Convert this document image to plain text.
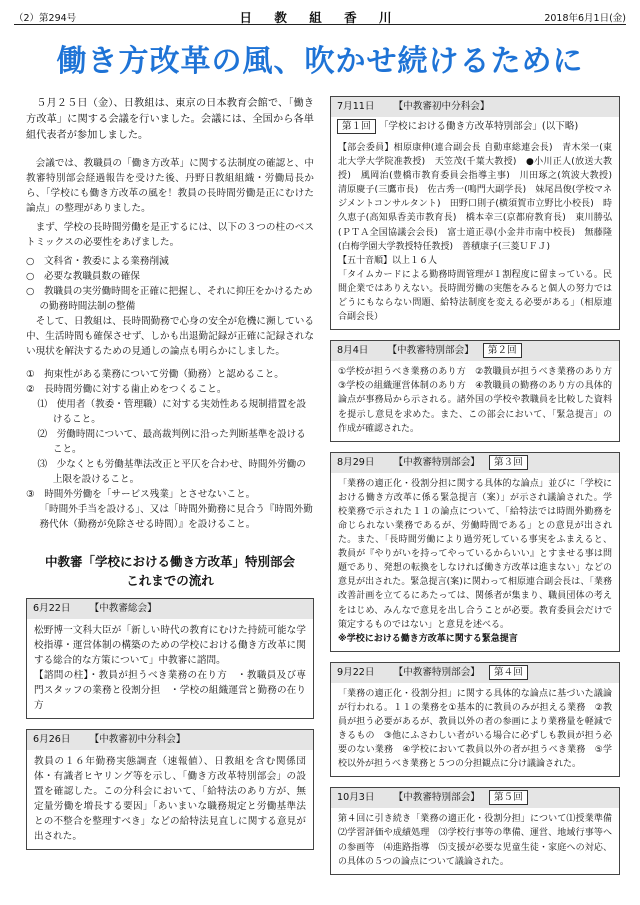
（2）第294号	日 教 組 香 川	2018年6月1日(金)
働き方改革の風、吹かせ続けるために

５月２５日（金）、日教組は、東京の日本教育会館で、「働き方改革」に関する会議を行いました。会議には、全国から各単組代表者が参加しました。

会議では、教職員の「働き方改革」に関する法制度の確認と、中教審特別部会経過報告を受けた後、丹野日教組組織・労働局長から、「学校にも働き方改革の風を！教員の長時間労働是正にむけた論点」の整理がありました。

まず、学校の長時間労働を是正するには、以下の３つの柱のベストミックスの必要性をあげました。

○　文科省・教委による業務削減
○　必要な教職員数の確保
○　教職員の実労働時間を正確に把握し、それに抑圧をかけるための勤務時間法制の整備

そして、日教組は、長時間勤務で心身の安全が危機に瀕している中、生活時間も確保させず、しかも出退勤記録が正確に記録されない現状を解決するための見通しの論点も明らかにしました。

①　拘束性がある業務について労働（勤務）と認めること。
②　長時間労働に対する歯止めをつくること。
⑴　使用者（教委・管理職）に対する実効性ある規制措置を設けること。
⑵　労働時間について、最高裁判例に沿った判断基準を設けること。
⑶　少なくとも労働基準法改正と平仄を合わせ、時間外労働の上限を設けること。
③　時間外労働を「サービス残業」とさせないこと。
「時間外手当を設ける」、又は「時間外勤務に見合う『時間外勤務代休（勤務が免除させる時間）』を設けること。
中教審「学校における働き方改革」特別部会
これまでの流れ
6月22日 【中教審総会】
松野博一文科大臣が「新しい時代の教育にむけた持続可能な学校指導・運営体制の構築のための学校における働き方改革に関する総合的な方策について」中教審に諮問。
【諮問の柱】・教員が担うべき業務の在り方　・教職員及び専門スタッフの業務と役割分担　・学校の組織運営と勤務の在り方
6月26日 【中教審初中分科会】
教員の１６年勤務実態調査（速報値）、日教組を含む関係団体・有識者ヒヤリング等を示し、「働き方改革特別部会」の設置を確認した。この分科会において、「給特法のあり方が、無定量労働を増長する要因」「あいまいな職務規定と労働基準法との不整合を整理すべき」などの給特法見直しに関する意見が出された。
7月11日 【中教審初中分科会】
第１回 「学校における働き方改革特別部会」(以下略)
【部会委員】相原康伸(連合副会長 自動車総連会長)　青木栄一(東北大学大学院准教授)　天笠茂(千葉大教授)　●小川正人(放送大教授)　風岡治(豊橋市教育委員会指導主事)　川田琢之(筑波大教授)　清原慶子(三鷹市長)　佐古秀一(鳴門大副学長)　妹尾昌俊(学校マネジメントコンサルタント)　田野口則子(横須賀市立野比小校長)　時久恵子(高知県香美市教育長)　橋本幸三(京都府教育長)　東川勝弘(ＰＴＡ全国協議会会長)　富士道正尋(小金井市南中校長)　無藤隆(白梅学園大学教授特任教授)　善積康子(三菱ＵＦＪ)
【五十音順】以上１６人
「タイムカードによる勤務時間管理が１割程度に留まっている。民間企業ではありえない。長時間労働の実態をみると個人の努力ではどうにもならない問題、給特法制度を変える必要がある」（相原連合副会長）
8月4日 【中教審特別部会】 第２回
①学校が担うべき業務のあり方　②教職員が担うべき業務のあり方　③学校の組織運営体制のあり方　④教職員の勤務のあり方の具体的論点が事務局から示される。諸外国の学校や教職員を比較した資料を提示し意見を求めた。また、この部会において、「緊急提言」の作成が確認された。
8月29日 【中教審特別部会】 第３回
「業務の適正化・役割分担に関する具体的な論点」並びに「学校における働き方改革に係る緊急提言（案）」が示され議論された。学校業務で示された１１の論点について、「給特法では時間外勤務を命じられない業務であるが、労働時間である」との意見が出された。また、「長時間労働により過労死している事実をふまえると、教員が『やりがいを持ってやっているからいい』とすませる事は問題であり、発想の転換をしなければ働き方改革は進まない」などの意見が出された。緊急提言(案)に関わって相原連合副会長は、「業務改善計画を立てるにあたっては、関係者が集まり、職員団体の考えをはじめ、みんなで意見を出し合うことが必要。教育委員会だけで策定するものではない」と意見を述べる。
※学校における働き方改革に関する緊急提言
9月22日 【中教審特別部会】 第４回
「業務の適正化・役割分担」に関する具体的な論点に基づいた議論が行われる。１１の業務を①基本的に教員のみが担える業務　②教員が担う必要があるが、教員以外の者の参画により業務量を軽減できるもの　③他にふさわしい者がいる場合に必ずしも教員が担う必要のない業務　④学校において教員以外の者が担うべき業務　⑤学校以外が担うべき業務と５つの分担観点に分け議論された。
10月3日 【中教審特別部会】 第５回
第４回に引き続き「業務の適正化・役割分担」について⑴授業準備　⑵学習評価や成績処理　⑶学校行事等の準備、運営、地域行事等への参画等　⑷進路指導　⑸支援が必要な児童生徒・家庭への対応、の具体の５つの論点について議論された。
